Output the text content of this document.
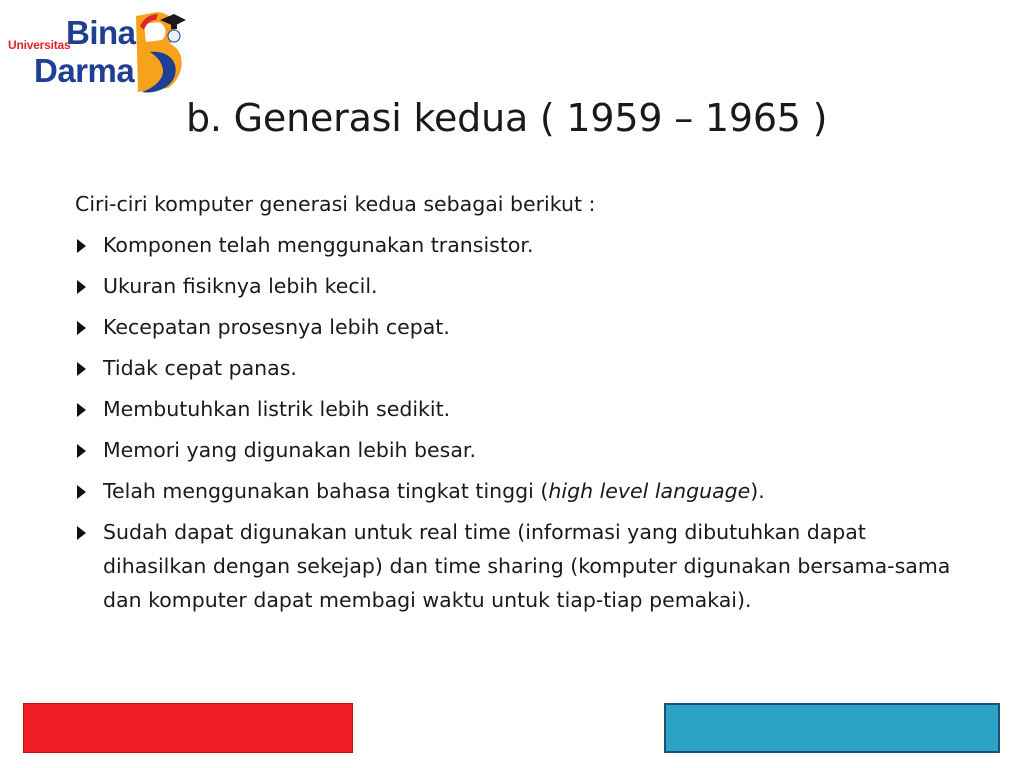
Universitas
Bina
Darma
b. Generasi kedua ( 1959 – 1965 )

Ciri-ciri komputer generasi kedua sebagai berikut :

Komponen telah menggunakan transistor.
Ukuran fisiknya lebih kecil.
Kecepatan prosesnya lebih cepat.
Tidak cepat panas.
Membutuhkan listrik lebih sedikit.
Memori yang digunakan lebih besar.
Telah menggunakan bahasa tingkat tinggi (high level language).
Sudah dapat digunakan untuk real time (informasi yang dibutuhkan dapat dihasilkan dengan sekejap) dan time sharing (komputer digunakan bersama-sama dan komputer dapat membagi waktu untuk tiap-tiap pemakai).
